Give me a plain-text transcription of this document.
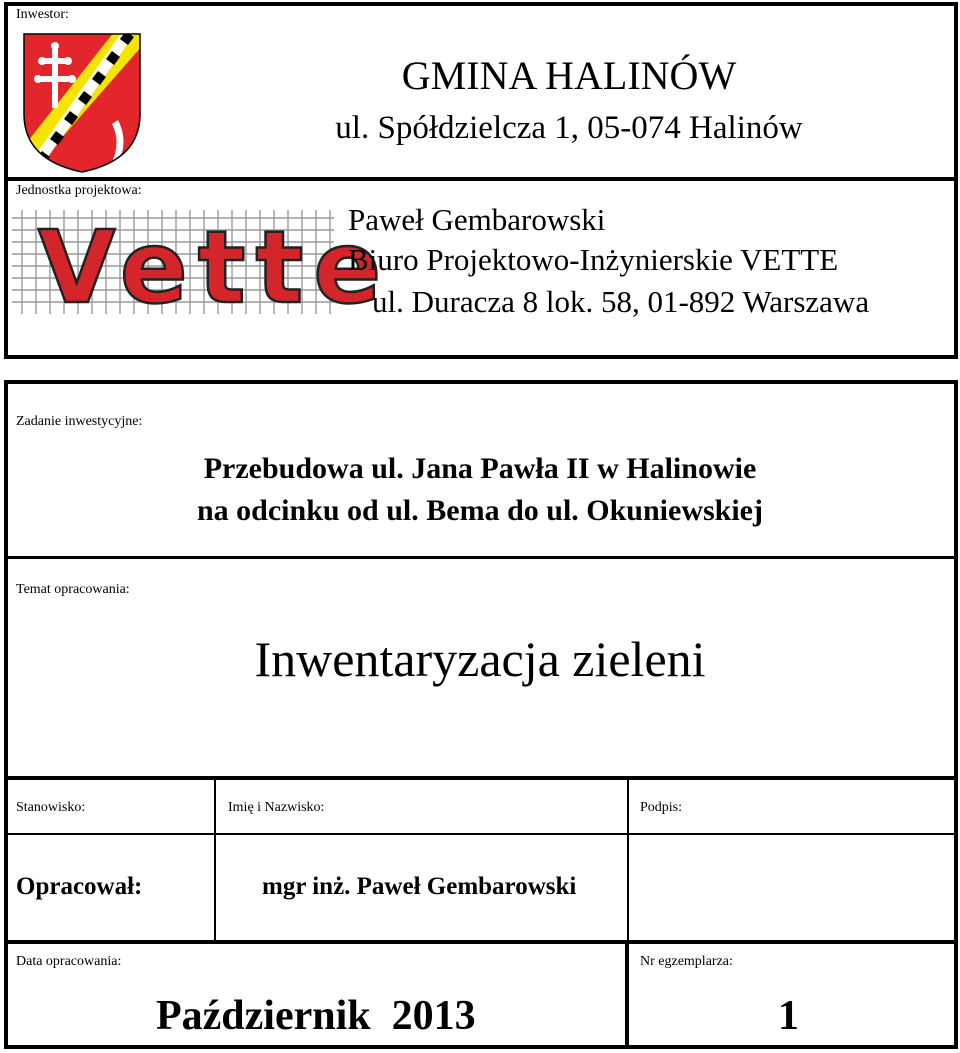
Inwestor:
GMINA HALINÓW
ul. Spółdzielcza 1, 05-074 Halinów
Jednostka projektowa:
Vette
Paweł Gembarowski
Biuro Projektowo-Inżynierskie VETTE
ul. Duracza 8 lok. 58, 01-892 Warszawa
Zadanie inwestycyjne:
Przebudowa ul. Jana Pawła II w Halinowie
na odcinku od ul. Bema do ul. Okuniewskiej
Temat opracowania:
Inwentaryzacja zieleni
Stanowisko:	Imię i Nazwisko:	Podpis:
Opracował:	mgr inż. Paweł Gembarowski
Data opracowania:
Październik  2013
Nr egzemplarza:
1
